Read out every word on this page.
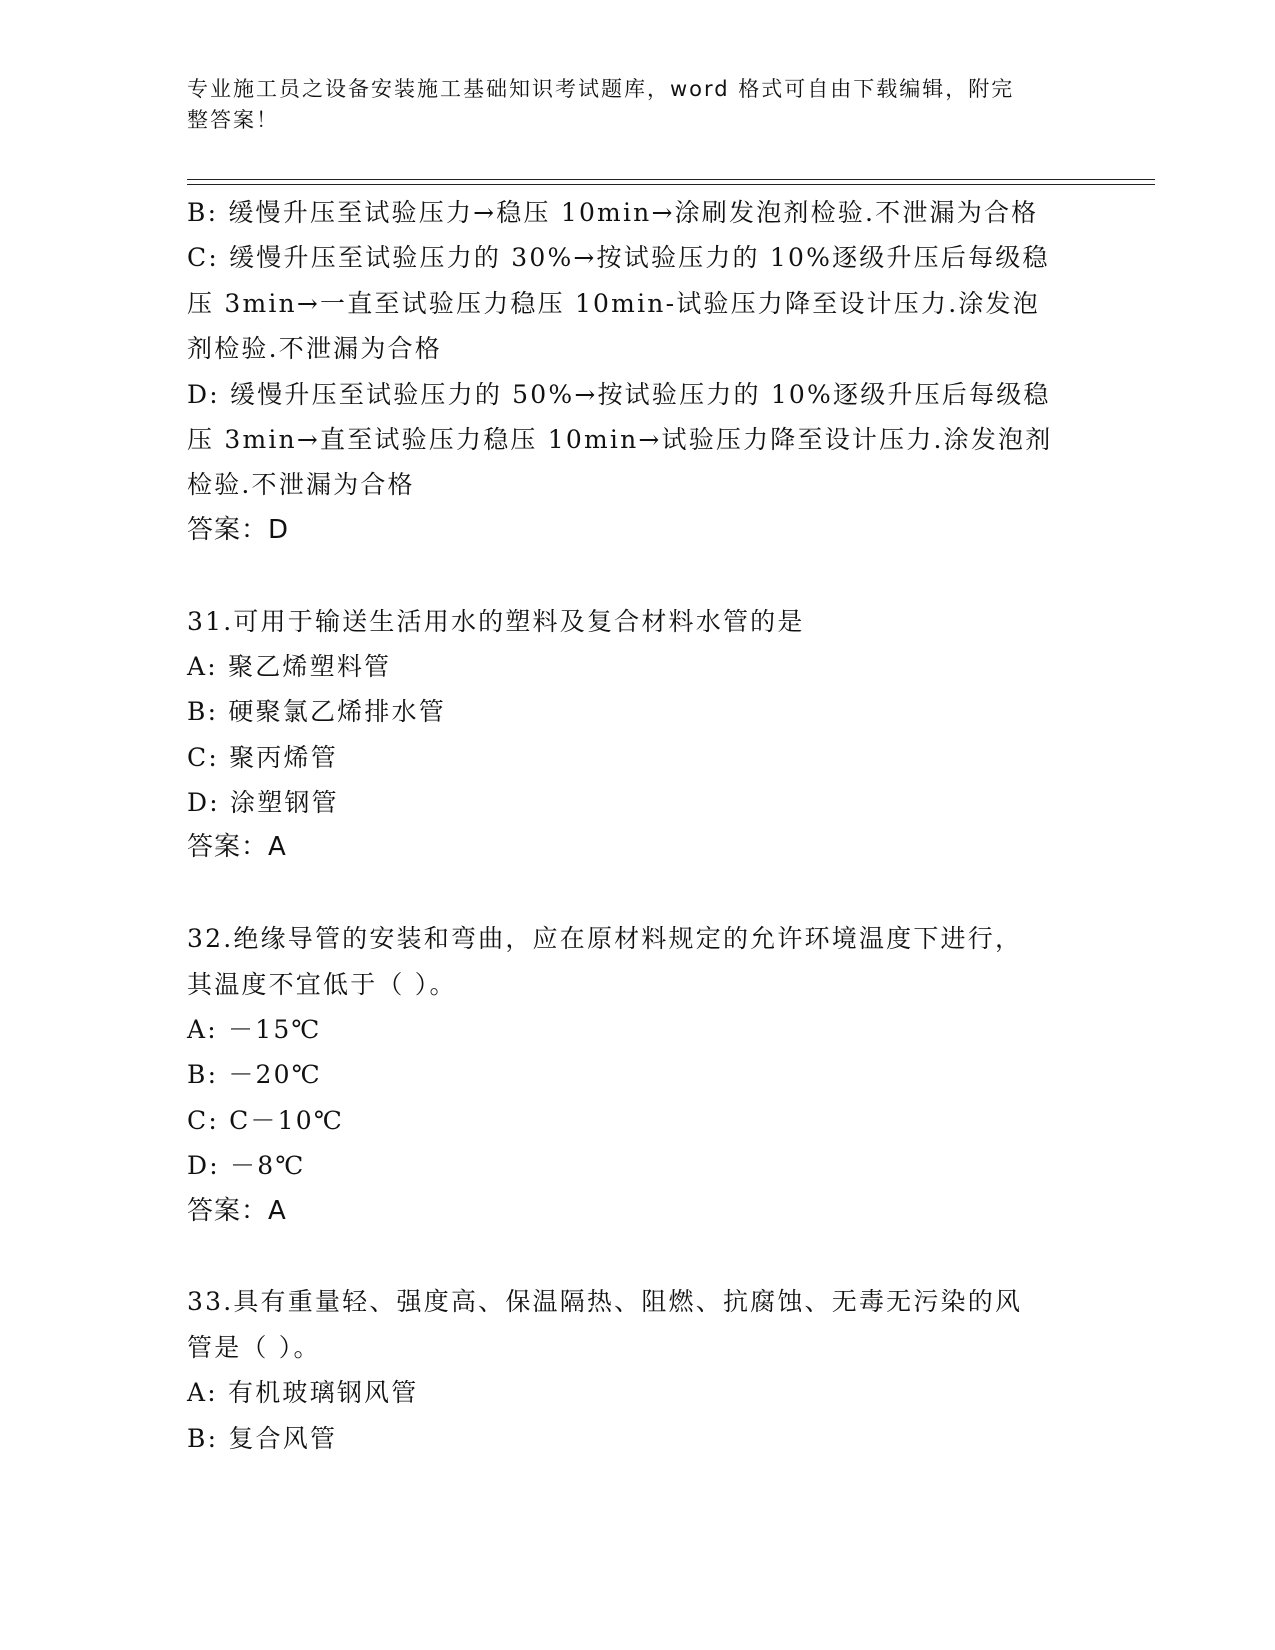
专业施工员之设备安装施工基础知识考试题库，word 格式可自由下载编辑，附完
整答案！
B: 缓慢升压至试验压力→稳压 10min→涂刷发泡剂检验.不泄漏为合格
C: 缓慢升压至试验压力的 30%→按试验压力的 10%逐级升压后每级稳
压 3min→一直至试验压力稳压 10min-试验压力降至设计压力.涂发泡
剂检验.不泄漏为合格
D: 缓慢升压至试验压力的 50%→按试验压力的 10%逐级升压后每级稳
压 3min→直至试验压力稳压 10min→试验压力降至设计压力.涂发泡剂
检验.不泄漏为合格
答案：D
31.可用于输送生活用水的塑料及复合材料水管的是
A: 聚乙烯塑料管
B: 硬聚氯乙烯排水管
C: 聚丙烯管
D: 涂塑钢管
答案：A
32.绝缘导管的安装和弯曲，应在原材料规定的允许环境温度下进行，
其温度不宜低于（ ）。
A: －15℃
B: －20℃
C: C－10℃
D: －8℃
答案：A
33.具有重量轻、强度高、保温隔热、阻燃、抗腐蚀、无毒无污染的风
管是（ ）。
A: 有机玻璃钢风管
B: 复合风管
